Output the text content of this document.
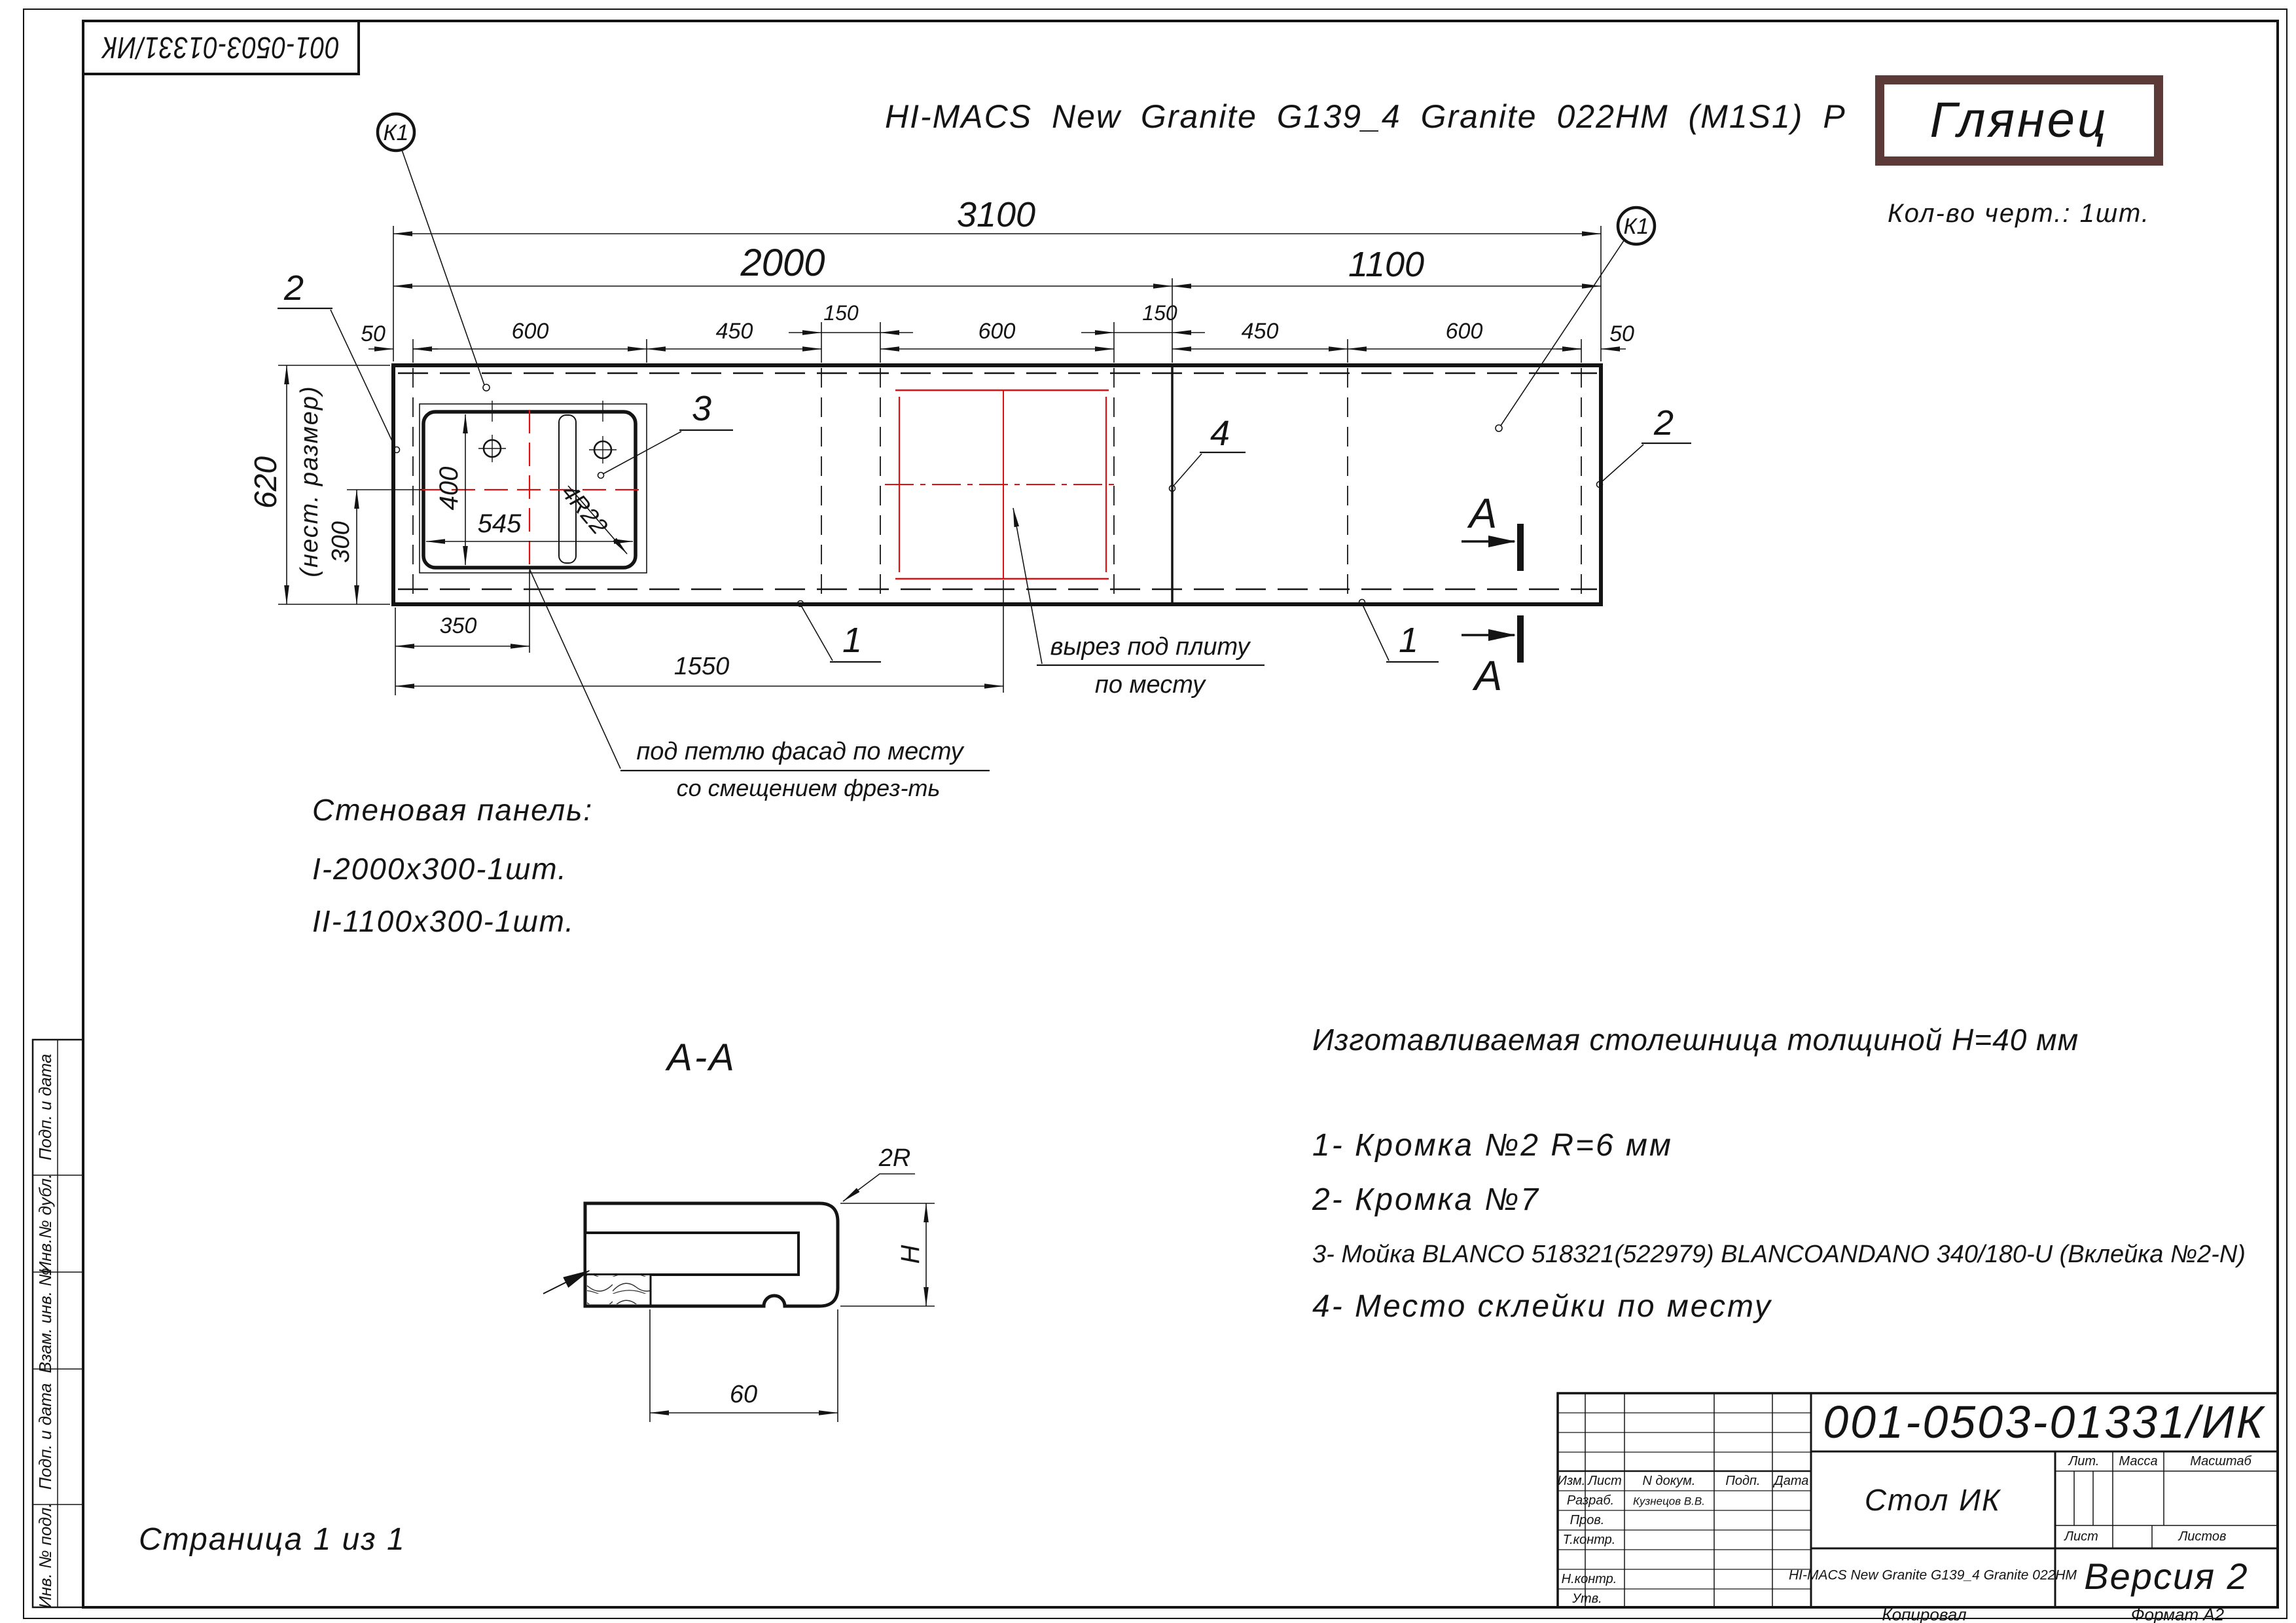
001-0503-01331/ИК
HI-MACS New Granite G139_4 Granite 022HM (M1S1) P Глянец
Кол-во черт.: 1шт.
3100
2000	1100
50	600	450
150
600
150
450	600	50
620 (нест. размер) 300
400
545 4R22
350
1550
К1
К1
2
2
3
4
1	1
А
А
вырез под плиту
по месту
под петлю фасад по месту
со смещением фрез-ть
Стеновая панель:
I-2000x300-1шт.
II-1100x300-1шт.
А-А
2R
H
60
Изготавливаемая столешница толщиной H=40 мм
1- Кромка №2 R=6 мм
2- Кромка №7
3- Мойка BLANCO 518321(522979) BLANCOANDANO 340/180-U (Вклейка №2-N)
4- Место склейки по месту
Страница 1 из 1
001-0503-01331/ИК
Стол ИК
HI-MACS New Granite G139_4 Granite 022HM Версия 2
Изм. Лист N докум. Подп. Дата
Разраб. Кузнецов В.В.
Пров.
Т.контр.
Н.контр.
Утв.
Лит. Масса Масштаб
Лист	Листов
Копировал	Формат А2
Подп. и дата
Инв.№ дубл.
Взам. инв. №
Подп. и дата
Инв. № подл.
